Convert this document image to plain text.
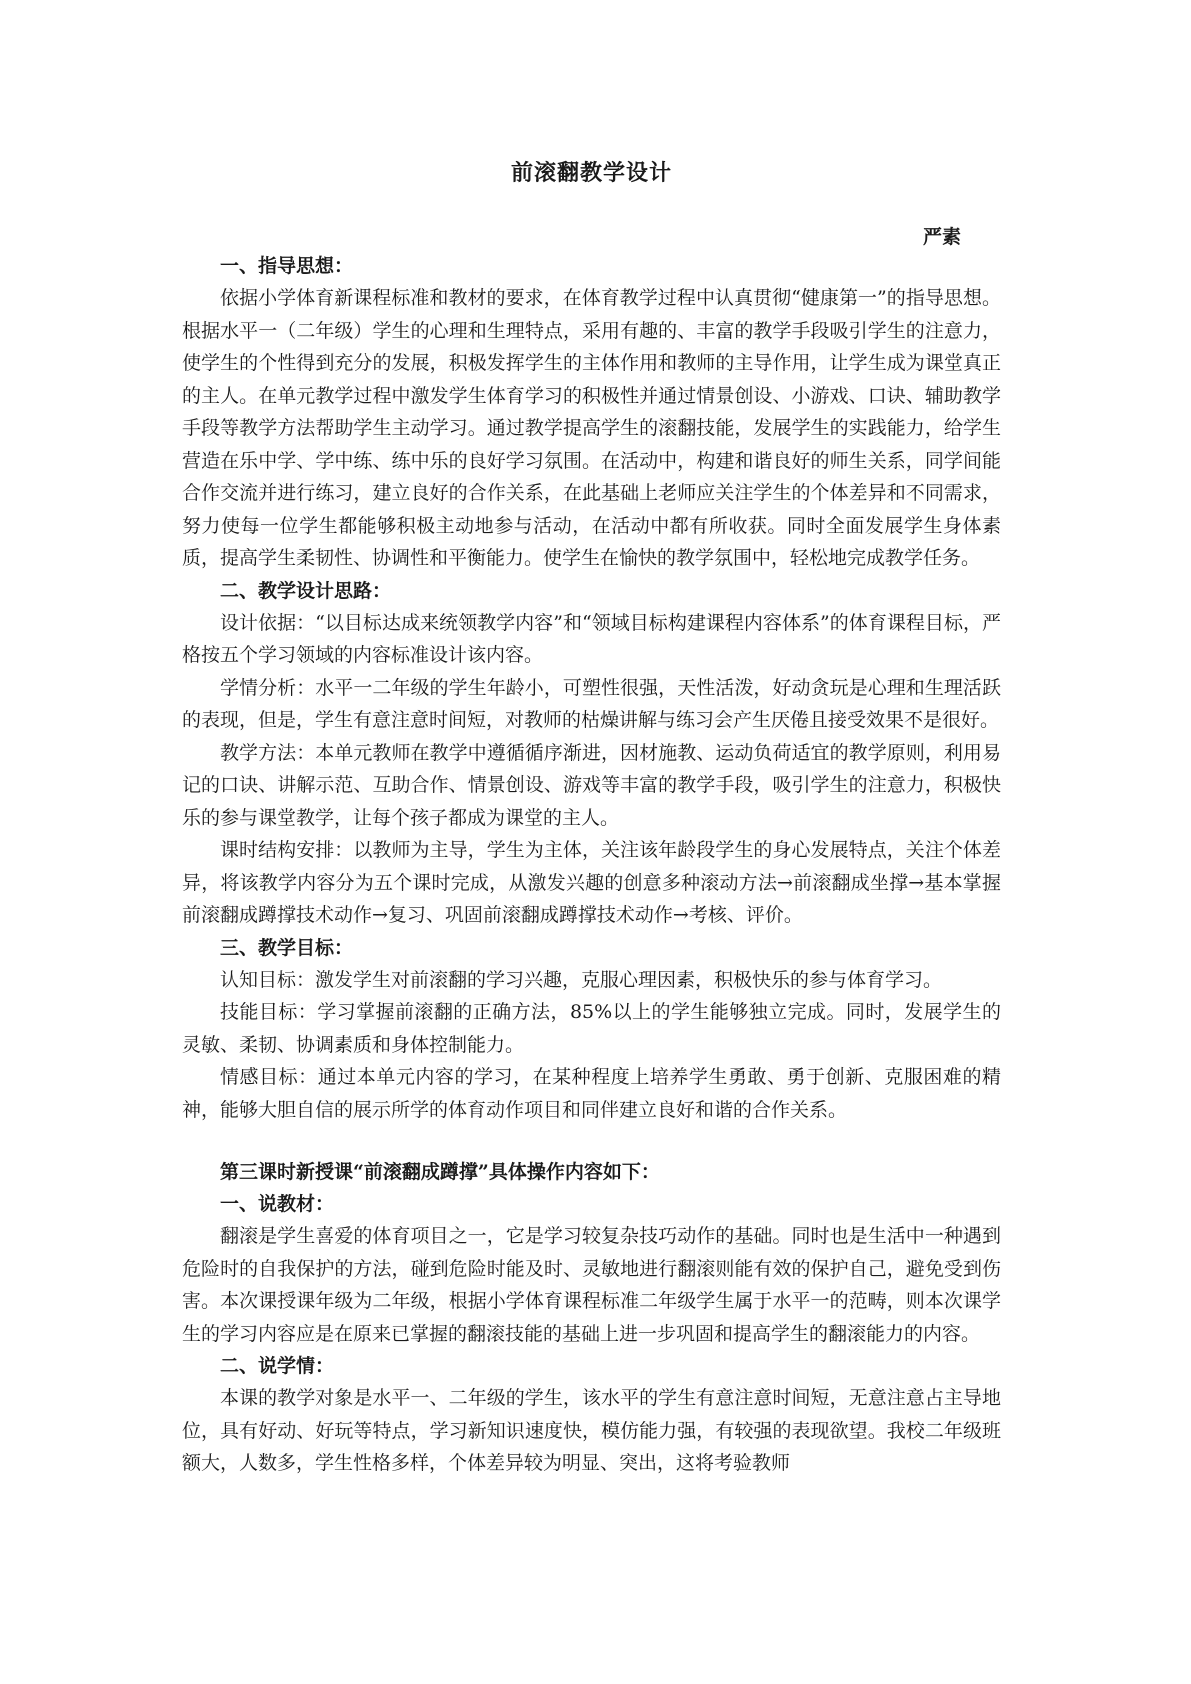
前滚翻教学设计

严素

一、指导思想：

依据小学体育新课程标准和教材的要求，在体育教学过程中认真贯彻“健康第一”的指导思想。根据水平一（二年级）学生的心理和生理特点，采用有趣的、丰富的教学手段吸引学生的注意力，使学生的个性得到充分的发展，积极发挥学生的主体作用和教师的主导作用，让学生成为课堂真正的主人。在单元教学过程中激发学生体育学习的积极性并通过情景创设、小游戏、口诀、辅助教学手段等教学方法帮助学生主动学习。通过教学提高学生的滚翻技能，发展学生的实践能力，给学生营造在乐中学、学中练、练中乐的良好学习氛围。在活动中，构建和谐良好的师生关系，同学间能合作交流并进行练习，建立良好的合作关系，在此基础上老师应关注学生的个体差异和不同需求，努力使每一位学生都能够积极主动地参与活动，在活动中都有所收获。同时全面发展学生身体素质，提高学生柔韧性、协调性和平衡能力。使学生在愉快的教学氛围中，轻松地完成教学任务。

二、教学设计思路：

设计依据：“以目标达成来统领教学内容”和“领域目标构建课程内容体系”的体育课程目标，严格按五个学习领域的内容标准设计该内容。

学情分析：水平一二年级的学生年龄小，可塑性很强，天性活泼，好动贪玩是心理和生理活跃的表现，但是，学生有意注意时间短，对教师的枯燥讲解与练习会产生厌倦且接受效果不是很好。

教学方法：本单元教师在教学中遵循循序渐进，因材施教、运动负荷适宜的教学原则，利用易记的口诀、讲解示范、互助合作、情景创设、游戏等丰富的教学手段，吸引学生的注意力，积极快乐的参与课堂教学，让每个孩子都成为课堂的主人。

课时结构安排：以教师为主导，学生为主体，关注该年龄段学生的身心发展特点，关注个体差异，将该教学内容分为五个课时完成，从激发兴趣的创意多种滚动方法→前滚翻成坐撑→基本掌握前滚翻成蹲撑技术动作→复习、巩固前滚翻成蹲撑技术动作→考核、评价。

三、教学目标：

认知目标：激发学生对前滚翻的学习兴趣，克服心理因素，积极快乐的参与体育学习。

技能目标：学习掌握前滚翻的正确方法，85%以上的学生能够独立完成。同时，发展学生的灵敏、柔韧、协调素质和身体控制能力。

情感目标：通过本单元内容的学习，在某种程度上培养学生勇敢、勇于创新、克服困难的精神，能够大胆自信的展示所学的体育动作项目和同伴建立良好和谐的合作关系。

第三课时新授课“前滚翻成蹲撑”具体操作内容如下：

一、说教材：

翻滚是学生喜爱的体育项目之一，它是学习较复杂技巧动作的基础。同时也是生活中一种遇到危险时的自我保护的方法，碰到危险时能及时、灵敏地进行翻滚则能有效的保护自己，避免受到伤害。本次课授课年级为二年级，根据小学体育课程标准二年级学生属于水平一的范畴，则本次课学生的学习内容应是在原来已掌握的翻滚技能的基础上进一步巩固和提高学生的翻滚能力的内容。

二、说学情：

本课的教学对象是水平一、二年级的学生，该水平的学生有意注意时间短，无意注意占主导地位，具有好动、好玩等特点，学习新知识速度快，模仿能力强，有较强的表现欲望。我校二年级班额大，人数多，学生性格多样，个体差异较为明显、突出，这将考验教师
